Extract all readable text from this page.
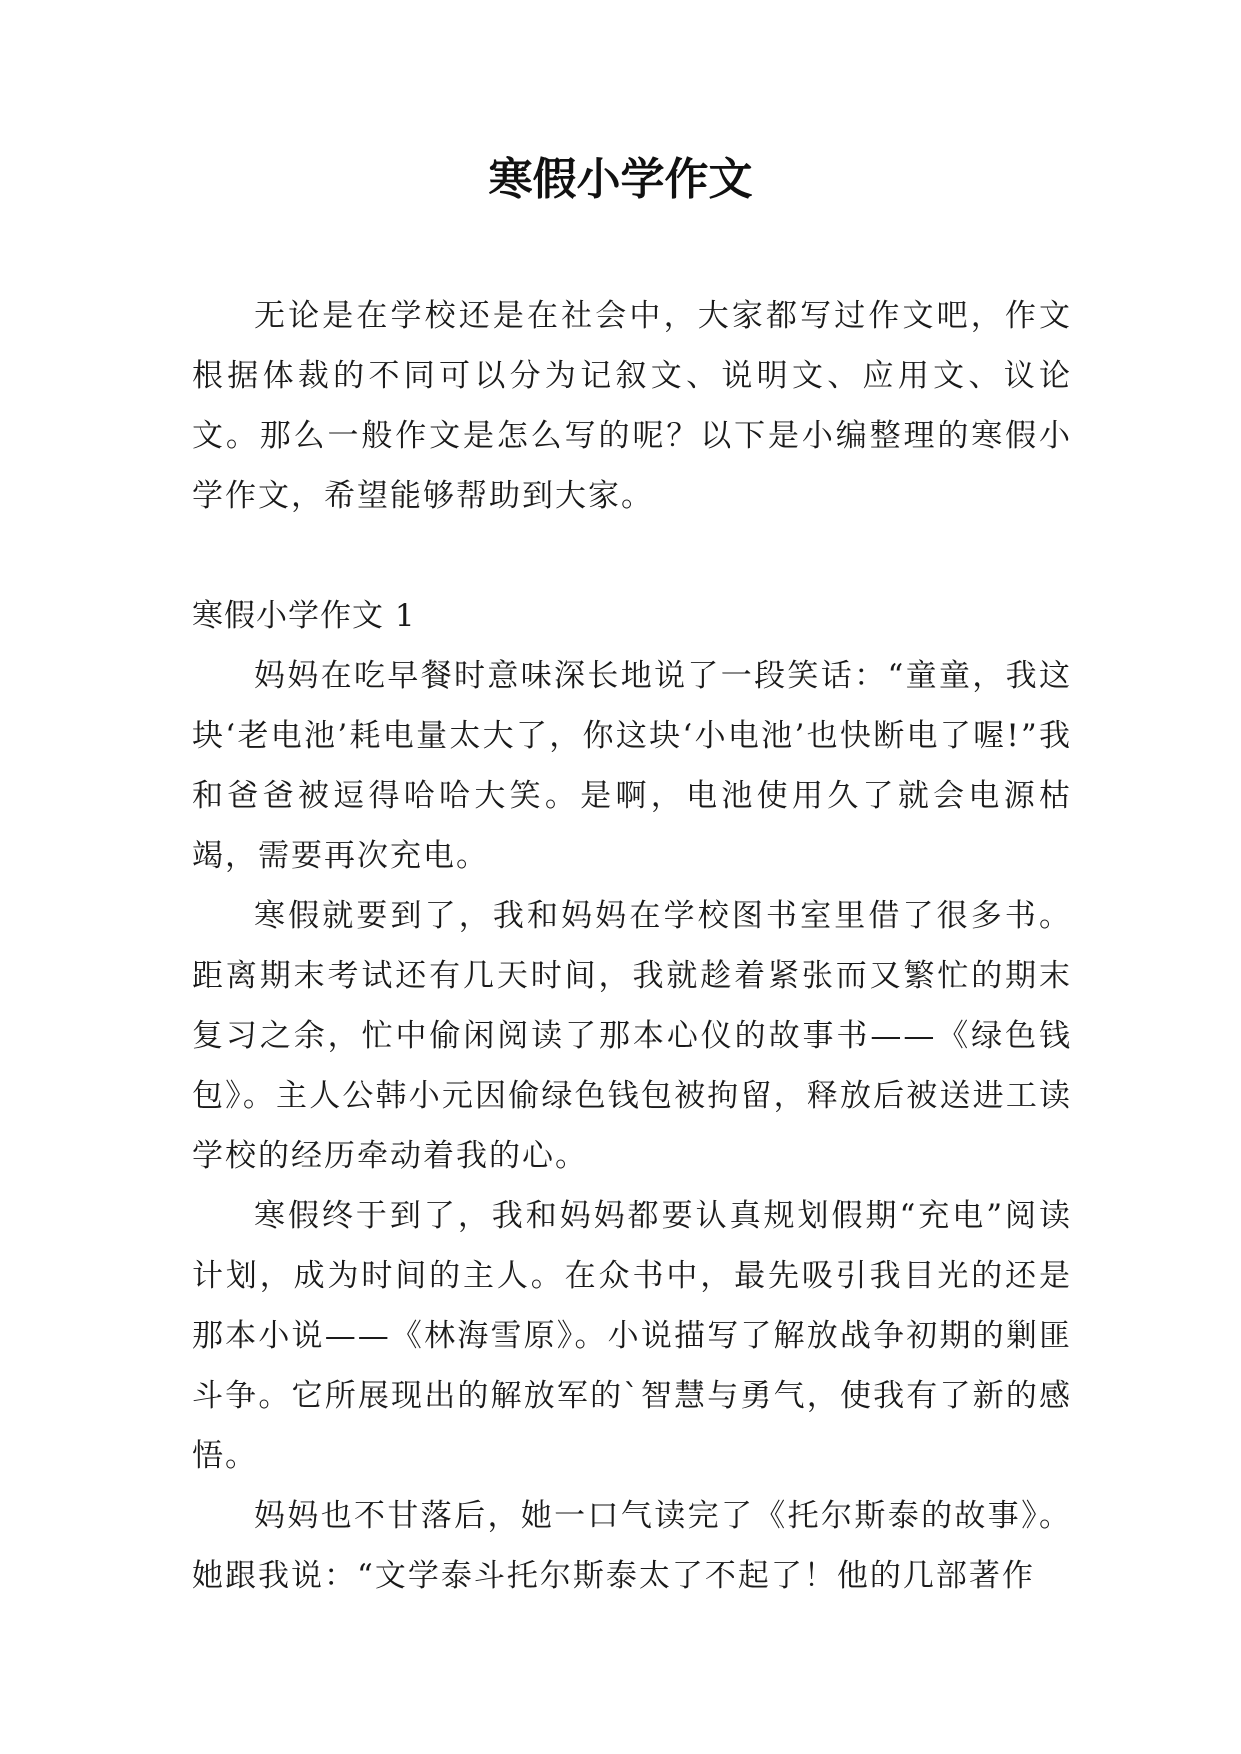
寒假小学作文

无论是在学校还是在社会中，大家都写过作文吧，作文根据体裁的不同可以分为记叙文、说明文、应用文、议论文。那么一般作文是怎么写的呢？以下是小编整理的寒假小学作文，希望能够帮助到大家。

寒假小学作文 1

妈妈在吃早餐时意味深长地说了一段笑话：“童童，我这块‘老电池’耗电量太大了，你这块‘小电池’也快断电了喔!”我和爸爸被逗得哈哈大笑。是啊，电池使用久了就会电源枯竭，需要再次充电。

寒假就要到了，我和妈妈在学校图书室里借了很多书。距离期末考试还有几天时间，我就趁着紧张而又繁忙的期末复习之余，忙中偷闲阅读了那本心仪的故事书——《绿色钱包》。主人公韩小元因偷绿色钱包被拘留，释放后被送进工读学校的经历牵动着我的心。

寒假终于到了，我和妈妈都要认真规划假期“充电”阅读计划，成为时间的主人。在众书中，最先吸引我目光的还是那本小说——《林海雪原》。小说描写了解放战争初期的剿匪斗争。它所展现出的解放军的`智慧与勇气，使我有了新的感悟。

妈妈也不甘落后，她一口气读完了《托尔斯泰的故事》。她跟我说：“文学泰斗托尔斯泰太了不起了！他的几部著作
